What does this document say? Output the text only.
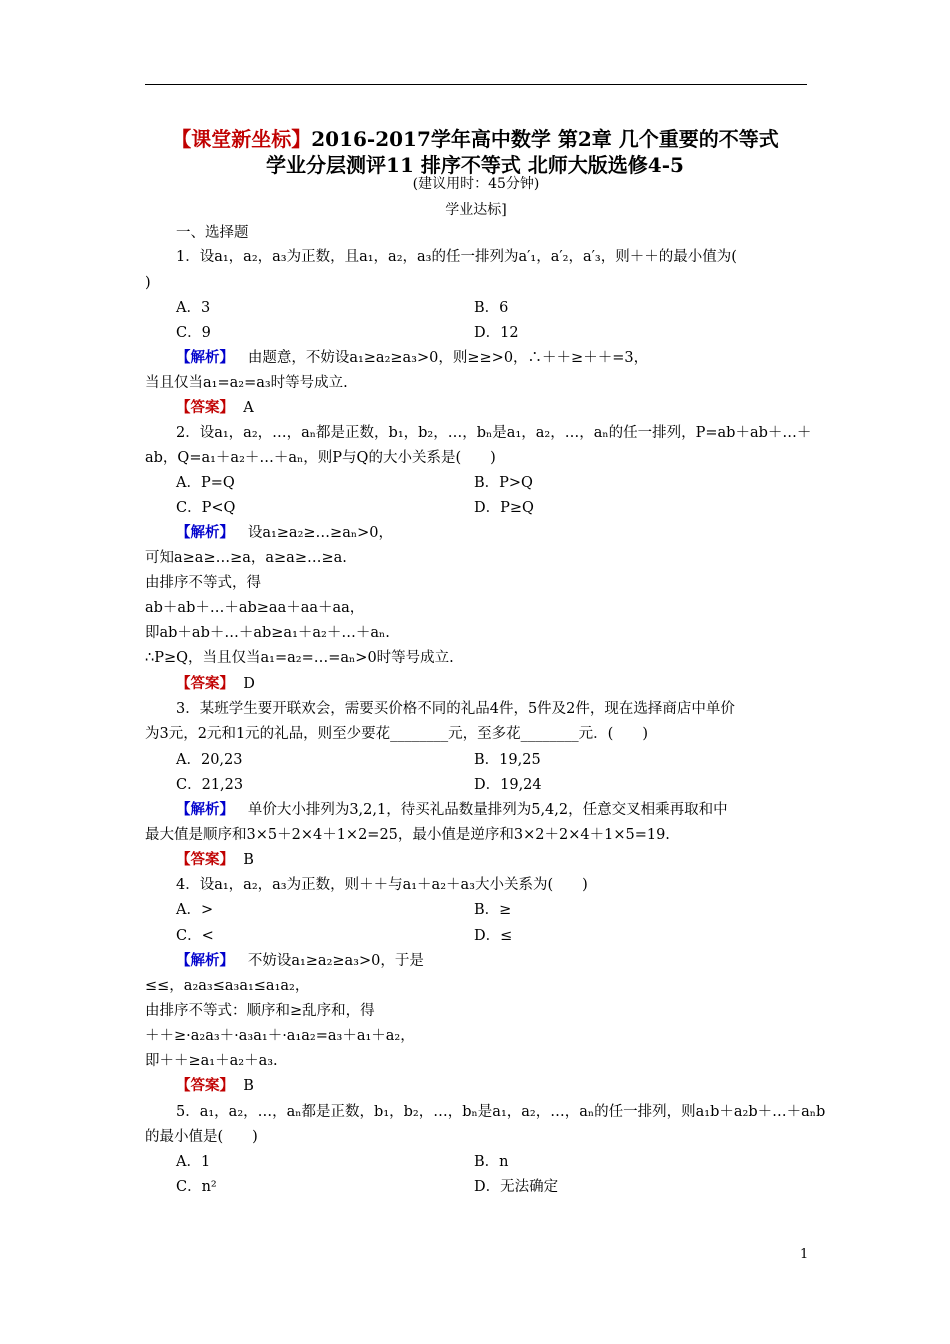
【课堂新坐标】2016-2017学年高中数学 第2章 几个重要的不等式
学业分层测评11 排序不等式 北师大版选修4-5
(建议用时：45分钟)
学业达标]
一、选择题
1．设a₁，a₂，a₃为正数，且a₁，a₂，a₃的任一排列为a′₁，a′₂，a′₃，则＋＋的最小值为(
)
A．3	B．6
C．9	D．12
【解析】 由题意，不妨设a₁≥a₂≥a₃>0，则≥≥>0，∴＋＋≥＋＋=3，
当且仅当a₁=a₂=a₃时等号成立.
【答案】 A
2．设a₁，a₂，…，aₙ都是正数，b₁，b₂，…，bₙ是a₁，a₂，…，aₙ的任一排列，P=ab＋ab＋…＋
ab，Q=a₁＋a₂＋…＋aₙ，则P与Q的大小关系是(　　)
A．P=Q	B．P>Q
C．P<Q	D．P≥Q
【解析】 设a₁≥a₂≥…≥aₙ>0，
可知a≥a≥…≥a，a≥a≥…≥a.
由排序不等式，得
ab＋ab＋…＋ab≥aa＋aa＋aa，
即ab＋ab＋…＋ab≥a₁＋a₂＋…＋aₙ.
∴P≥Q，当且仅当a₁=a₂=…=aₙ>0时等号成立.
【答案】 D
3．某班学生要开联欢会，需要买价格不同的礼品4件，5件及2件，现在选择商店中单价
为3元，2元和1元的礼品，则至少要花________元，至多花________元．(　　)
A．20,23	B．19,25
C．21,23	D．19,24
【解析】 单价大小排列为3,2,1，待买礼品数量排列为5,4,2，任意交叉相乘再取和中
最大值是顺序和3×5＋2×4＋1×2=25，最小值是逆序和3×2＋2×4＋1×5=19.
【答案】 B
4．设a₁，a₂，a₃为正数，则＋＋与a₁＋a₂＋a₃大小关系为(　　)
A．>	B．≥
C．<	D．≤
【解析】 不妨设a₁≥a₂≥a₃>0，于是
≤≤，a₂a₃≤a₃a₁≤a₁a₂，
由排序不等式：顺序和≥乱序和，得
＋＋≥·a₂a₃＋·a₃a₁＋·a₁a₂=a₃＋a₁＋a₂，
即＋＋≥a₁＋a₂＋a₃.
【答案】 B
5．a₁，a₂，…，aₙ都是正数，b₁，b₂，…，bₙ是a₁，a₂，…，aₙ的任一排列，则a₁b＋a₂b＋…＋aₙb
的最小值是(　　)
A．1	B．n
C．n²	D．无法确定
1
